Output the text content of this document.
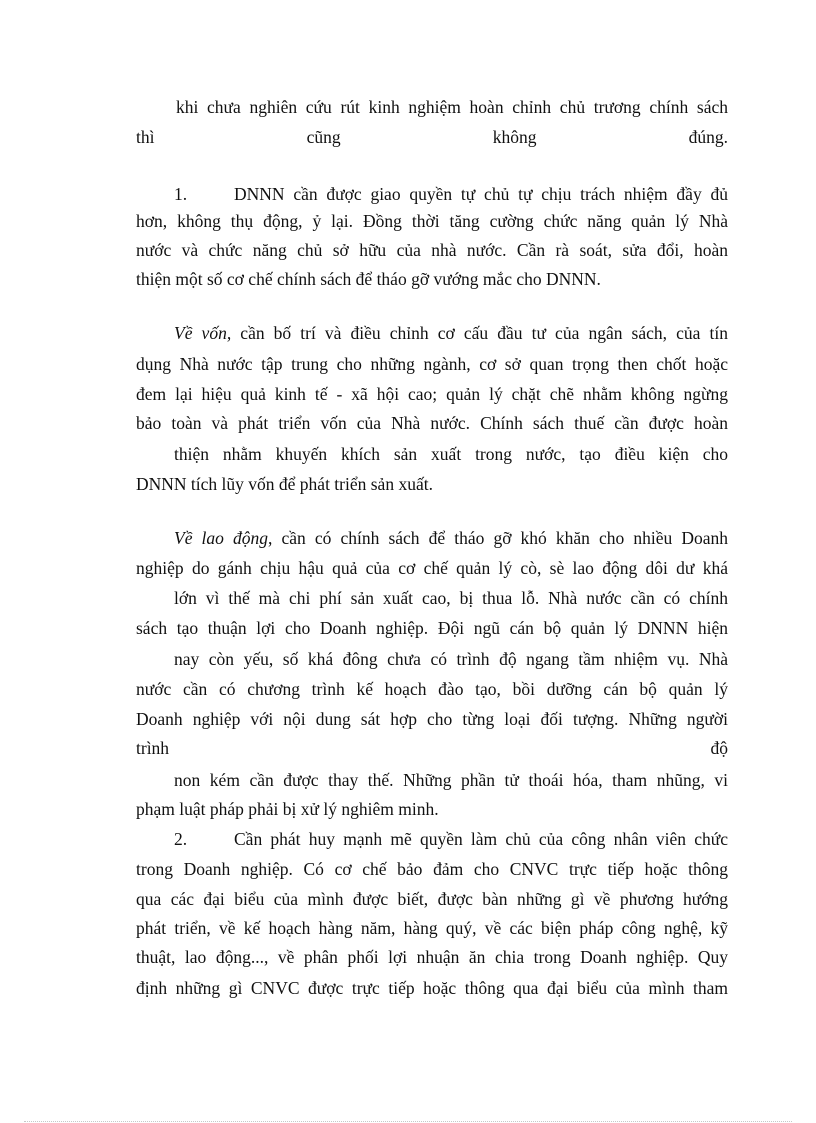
khi chưa nghiên cứu rút kinh nghiệm hoàn chỉnh chủ trương chính sách
thì cũng không đúng.
1.	DNNN cần được giao quyền tự chủ tự chịu trách nhiệm đầy đủ
hơn, không thụ động, ỷ lại. Đồng thời tăng cường chức năng quản lý Nhà
nước và chức năng chủ sở hữu của nhà nước. Cần rà soát, sửa đổi, hoàn
thiện một số cơ chế chính sách để tháo gỡ vướng mắc cho DNNN.
Về vốn, cần bố trí và điều chỉnh cơ cấu đầu tư của ngân sách, của tín
dụng Nhà nước tập trung cho những ngành, cơ sở quan trọng then chốt hoặc
đem lại hiệu quả kinh tế - xã hội cao; quản lý chặt chẽ nhằm không ngừng
bảo toàn và phát triển vốn của Nhà nước. Chính sách thuế cần được hoàn
thiện nhằm khuyến khích sản xuất trong nước, tạo điều kiện cho
DNNN tích lũy vốn để phát triển sản xuất.
Về lao động, cần có chính sách để tháo gỡ khó khăn cho nhiều Doanh
nghiệp do gánh chịu hậu quả của cơ chế quản lý cò, sè lao động dôi dư khá
lớn vì thế mà chi phí sản xuất cao, bị thua lỗ. Nhà nước cần có chính
sách tạo thuận lợi cho Doanh nghiệp. Đội ngũ cán bộ quản lý DNNN hiện
nay còn yếu, số khá đông chưa có trình độ ngang tầm nhiệm vụ. Nhà
nước cần có chương trình kế hoạch đào tạo, bồi dưỡng cán bộ quản lý
Doanh nghiệp với nội dung sát hợp cho từng loại đối tượng. Những người
trình độ
non kém cần được thay thế. Những phần tử thoái hóa, tham nhũng, vi
phạm luật pháp phải bị xử lý nghiêm minh.
2.	Cần phát huy mạnh mẽ quyền làm chủ của công nhân viên chức
trong Doanh nghiệp. Có cơ chế bảo đảm cho CNVC trực tiếp hoặc thông
qua các đại biểu của mình được biết, được bàn những gì về phương hướng
phát triển, về kế hoạch hàng năm, hàng quý, về các biện pháp công nghệ, kỹ
thuật, lao động..., về phân phối lợi nhuận ăn chia trong Doanh nghiệp. Quy
định những gì CNVC được trực tiếp hoặc thông qua đại biểu của mình tham
